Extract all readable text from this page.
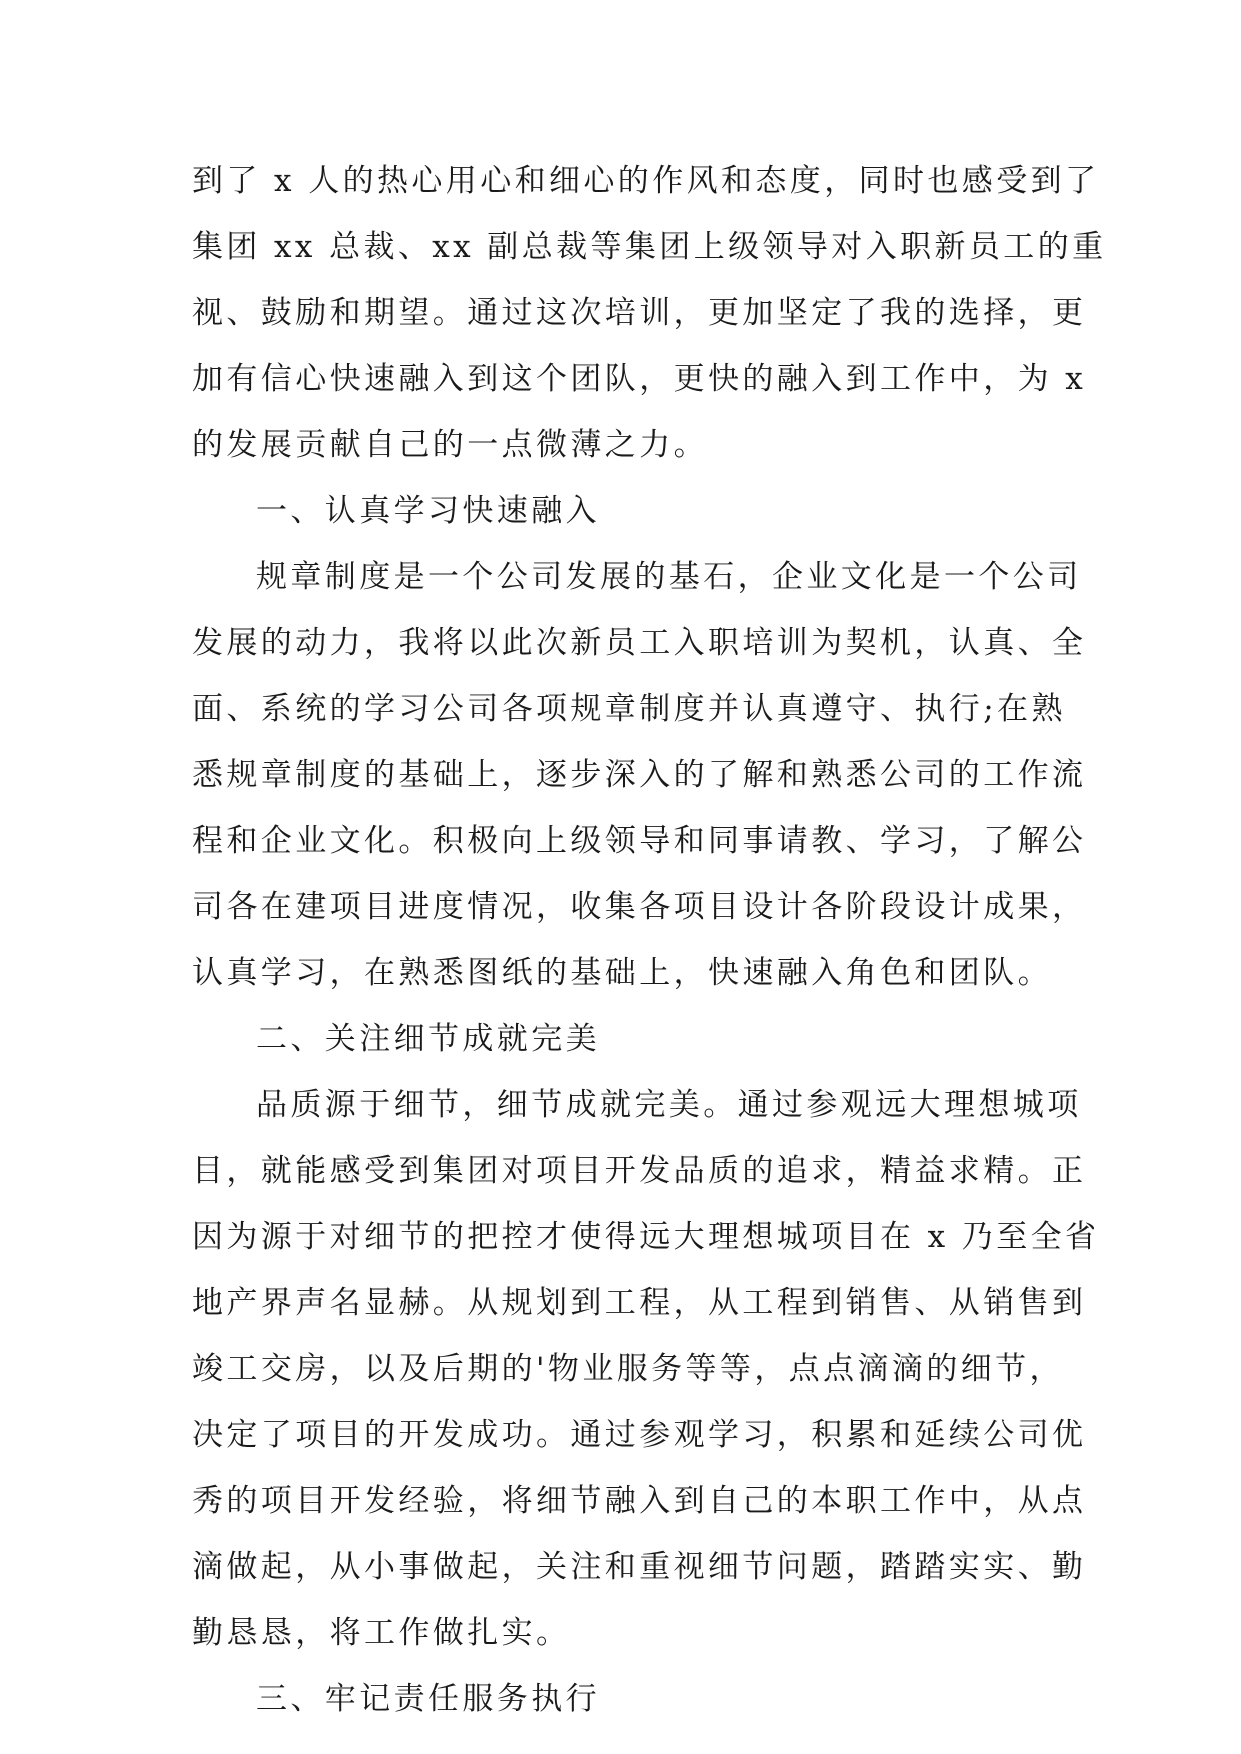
到了 x 人的热心用心和细心的作风和态度，同时也感受到了
集团 xx 总裁、xx 副总裁等集团上级领导对入职新员工的重
视、鼓励和期望。通过这次培训，更加坚定了我的选择，更
加有信心快速融入到这个团队，更快的融入到工作中，为 x
的发展贡献自己的一点微薄之力。
一、认真学习快速融入
规章制度是一个公司发展的基石，企业文化是一个公司
发展的动力，我将以此次新员工入职培训为契机，认真、全
面、系统的学习公司各项规章制度并认真遵守、执行;在熟
悉规章制度的基础上，逐步深入的了解和熟悉公司的工作流
程和企业文化。积极向上级领导和同事请教、学习，了解公
司各在建项目进度情况，收集各项目设计各阶段设计成果，
认真学习，在熟悉图纸的基础上，快速融入角色和团队。
二、关注细节成就完美
品质源于细节，细节成就完美。通过参观远大理想城项
目，就能感受到集团对项目开发品质的追求，精益求精。正
因为源于对细节的把控才使得远大理想城项目在 x 乃至全省
地产界声名显赫。从规划到工程，从工程到销售、从销售到
竣工交房，以及后期的'物业服务等等，点点滴滴的细节，
决定了项目的开发成功。通过参观学习，积累和延续公司优
秀的项目开发经验，将细节融入到自己的本职工作中，从点
滴做起，从小事做起，关注和重视细节问题，踏踏实实、勤
勤恳恳，将工作做扎实。
三、牢记责任服务执行
